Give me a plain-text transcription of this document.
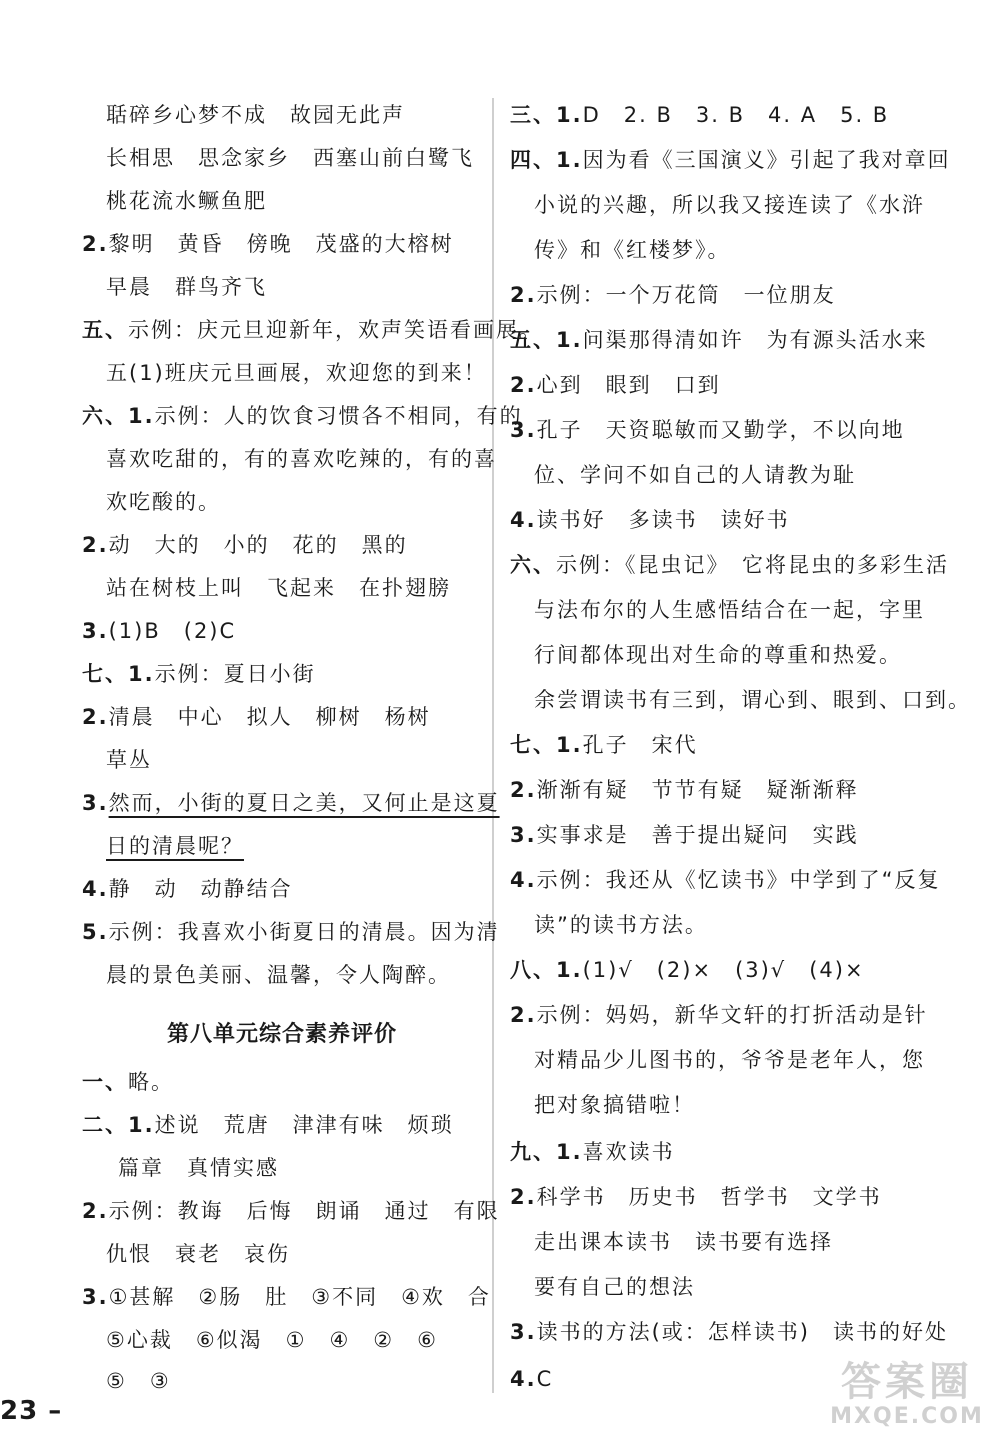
聒碎乡心梦不成　故园无此声
长相思　思念家乡　西塞山前白鹭飞
桃花流水鳜鱼肥
2.黎明　黄昏　傍晚　茂盛的大榕树
早晨　群鸟齐飞
五、示例：庆元旦迎新年，欢声笑语看画展。
五(1)班庆元旦画展，欢迎您的到来！
六、1.示例：人的饮食习惯各不相同，有的
喜欢吃甜的，有的喜欢吃辣的，有的喜
欢吃酸的。
2.动　大的　小的　花的　黑的
站在树枝上叫　飞起来　在扑翅膀
3.(1)B　(2)C
七、1.示例：夏日小街
2.清晨　中心　拟人　柳树　杨树
草丛
3.然而，小街的夏日之美，又何止是这夏
日的清晨呢？
4.静　动　动静结合
5.示例：我喜欢小街夏日的清晨。因为清
晨的景色美丽、温馨，令人陶醉。
一、略。
二、1.述说　荒唐　津津有味　烦琐
篇章　真情实感
2.示例：教诲　后悔　朗诵　通过　有限
仇恨　衰老　哀伤
3.①甚解　②肠　肚　③不同　④欢　合
⑤心裁　⑥似渴　①　④　②　⑥
⑤　③
第八单元综合素养评价
三、1.D　2. B　3. B　4. A　5. B
四、1.因为看《三国演义》引起了我对章回
小说的兴趣，所以我又接连读了《水浒
传》和《红楼梦》。
2.示例：一个万花筒　一位朋友
五、1.问渠那得清如许　为有源头活水来
2.心到　眼到　口到
3.孔子　天资聪敏而又勤学，不以向地
位、学问不如自己的人请教为耻
4.读书好　多读书　读好书
六、示例：《昆虫记》　它将昆虫的多彩生活
与法布尔的人生感悟结合在一起，字里
行间都体现出对生命的尊重和热爱。
余尝谓读书有三到，谓心到、眼到、口到。
七、1.孔子　宋代
2.渐渐有疑　节节有疑　疑渐渐释
3.实事求是　善于提出疑问　实践
4.示例：我还从《忆读书》中学到了“反复
读”的读书方法。
八、1.(1)√　(2)×　(3)√　(4)×
2.示例：妈妈，新华文轩的打折活动是针
对精品少儿图书的，爷爷是老年人，您
把对象搞错啦！
九、1.喜欢读书
2.科学书　历史书　哲学书　文学书
走出课本读书　读书要有选择
要有自己的想法
3.读书的方法(或：怎样读书)　读书的好处
4.C
23 –
答案圈
MXQE.COM
